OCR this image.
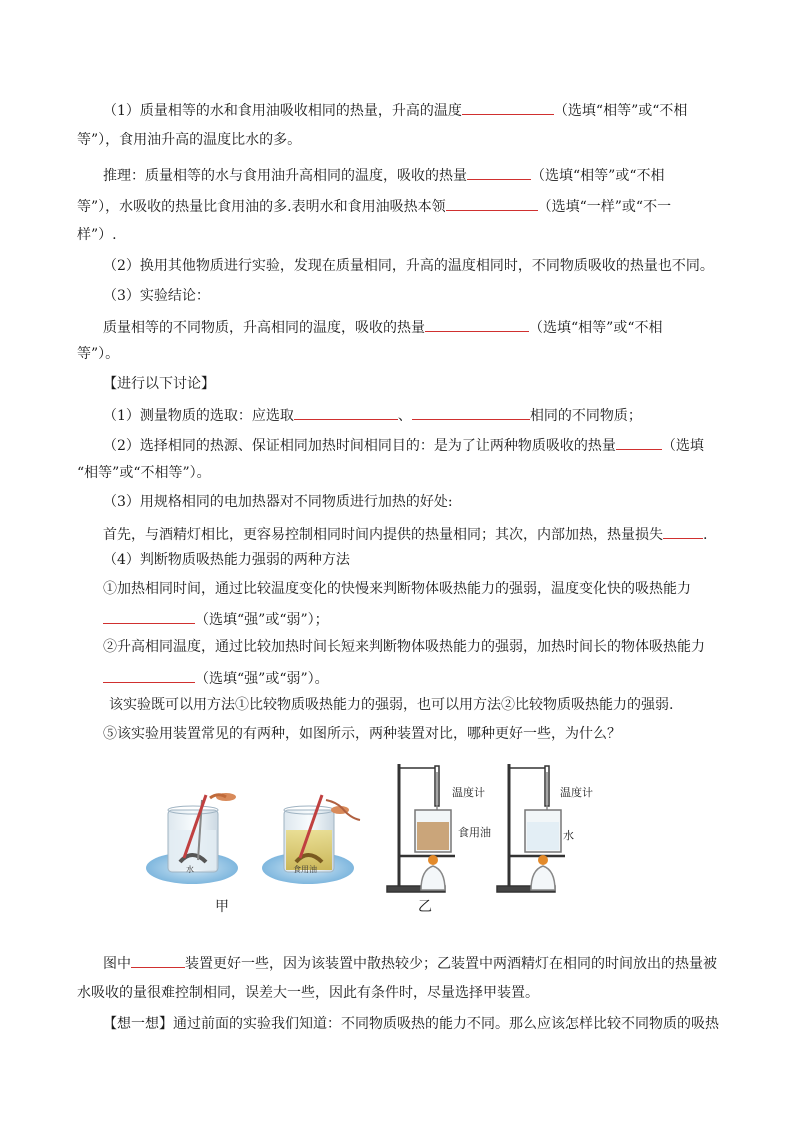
（1）质量相等的水和食用油吸收相同的热量，升高的温度	（选填“相等”或“不相
等”），食用油升高的温度比水的多。
推理：质量相等的水与食用油升高相同的温度，吸收的热量	（选填“相等”或“不相
等”），水吸收的热量比食用油的多.表明水和食用油吸热本领	（选填“一样”或“不一
样”）.
（2）换用其他物质进行实验，发现在质量相同，升高的温度相同时，不同物质吸收的热量也不同。
（3）实验结论：
质量相等的不同物质，升高相同的温度，吸收的热量	（选填“相等”或“不相
等”）。
【进行以下讨论】
（1）测量物质的选取：应选取	、	相同的不同物质；
（2）选择相同的热源、保证相同加热时间相同目的：是为了让两种物质吸收的热量	（选填
“相等”或“不相等”）。
（3）用规格相同的电加热器对不同物质进行加热的好处:
首先，与酒精灯相比，更容易控制相同时间内提供的热量相同；其次，内部加热，热量损失	.
（4）判断物质吸热能力强弱的两种方法
①加热相同时间，通过比较温度变化的快慢来判断物体吸热能力的强弱，温度变化快的吸热能力
（选填“强”或“弱”）；
②升高相同温度，通过比较加热时间长短来判断物体吸热能力的强弱，加热时间长的物体吸热能力
（选填“强”或“弱”）。
该实验既可以用方法①比较物质吸热能力的强弱，也可以用方法②比较物质吸热能力的强弱.
⑤该实验用装置常见的有两种，如图所示，两种装置对比，哪种更好一些，为什么？
水	食用油
甲
温度计
食用油
温度计
水
乙
图中	装置更好一些，因为该装置中散热较少；乙装置中两酒精灯在相同的时间放出的热量被
水吸收的量很难控制相同，误差大一些，因此有条件时，尽量选择甲装置。
【想一想】通过前面的实验我们知道：不同物质吸热的能力不同。那么应该怎样比较不同物质的吸热
